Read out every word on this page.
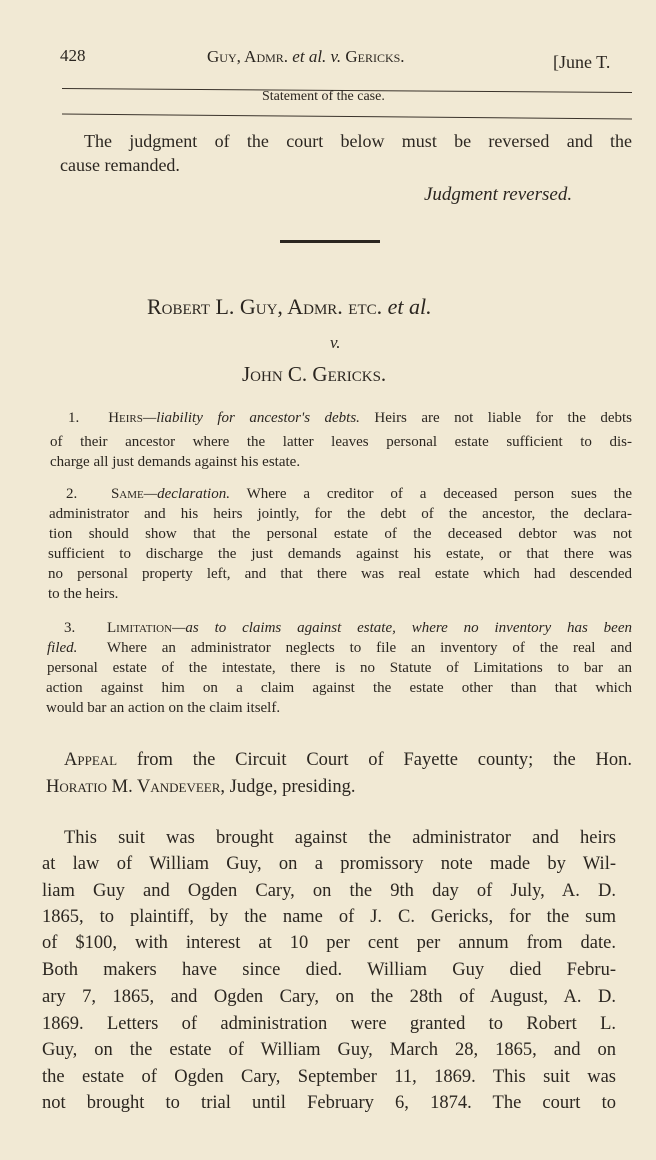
428	Guy, Admr. et al. v. Gericks.	[June T.
Statement of the case.
The judgment of the court below must be reversed and the
cause remanded.
Judgment reversed.
Robert L. Guy, Admr. etc. et al.
v.
John C. Gericks.
1. Heirs—liability for ancestor's debts. Heirs are not liable for the debts
of their ancestor where the latter leaves personal estate sufficient to dis-
charge all just demands against his estate.
2. Same—declaration. Where a creditor of a deceased person sues the
administrator and his heirs jointly, for the debt of the ancestor, the declara-
tion should show that the personal estate of the deceased debtor was not
sufficient to discharge the just demands against his estate, or that there was
no personal property left, and that there was real estate which had descended
to the heirs.
3. Limitation—as to claims against estate, where no inventory has been
filed. Where an administrator neglects to file an inventory of the real and
personal estate of the intestate, there is no Statute of Limitations to bar an
action against him on a claim against the estate other than that which
would bar an action on the claim itself.
Appeal from the Circuit Court of Fayette county; the Hon.
Horatio M. Vandeveer, Judge, presiding.
This suit was brought against the administrator and heirs
at law of William Guy, on a promissory note made by Wil-
liam Guy and Ogden Cary, on the 9th day of July, A. D.
1865, to plaintiff, by the name of J. C. Gericks, for the sum
of $100, with interest at 10 per cent per annum from date.
Both makers have since died. William Guy died Febru-
ary 7, 1865, and Ogden Cary, on the 28th of August, A. D.
1869. Letters of administration were granted to Robert L.
Guy, on the estate of William Guy, March 28, 1865, and on
the estate of Ogden Cary, September 11, 1869. This suit was
not brought to trial until February 6, 1874. The court to
